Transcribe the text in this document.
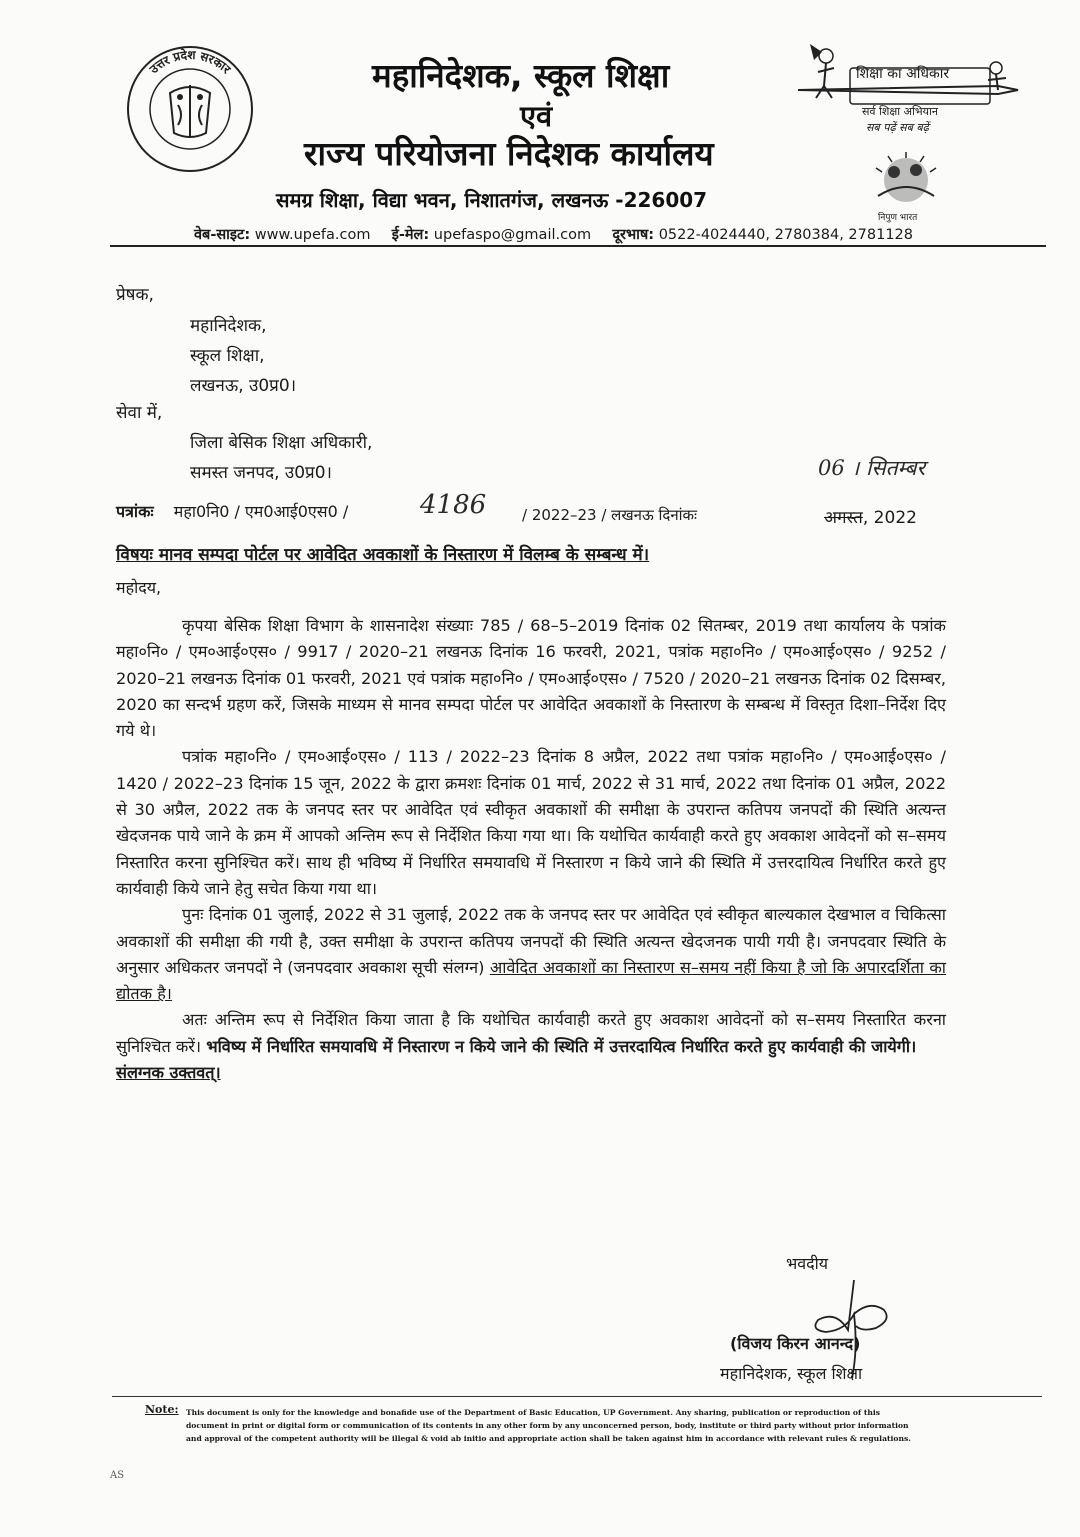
उत्तर प्रदेश सरकार	महानिदेशक, स्कूल शिक्षा
एवं
राज्य परियोजना निदेशक कार्यालय
समग्र शिक्षा, विद्या भवन, निशातगंज, लखनऊ -226007
वेब-साइट: www.upefa.com ई-मेल: upefaspo@gmail.com दूरभाष: 0522-4024440, 2780384, 2781128
शिक्षा का अधिकार
सर्व शिक्षा अभियान
सब पढ़ें सब बढ़ें
निपुण भारत
प्रेषक,
महानिदेशक,
स्कूल शिक्षा,
लखनऊ, उ0प्र0।
सेवा में,
जिला बेसिक शिक्षा अधिकारी,
समस्त जनपद, उ0प्र0।	06 । सितम्बर
पत्रांकः महा0नि0 / एम0आई0एस0 /	4186 / 2022–23 / लखनऊ दिनांकः	अगस्त, 2022
विषयः मानव सम्पदा पोर्टल पर आवेदित अवकाशों के निस्तारण में विलम्ब के सम्बन्ध में।
महोदय,

कृपया बेसिक शिक्षा विभाग के शासनादेश संख्याः 785 / 68–5–2019 दिनांक 02 सितम्बर, 2019 तथा कार्यालय के पत्रांक महा०नि० / एम०आई०एस० / 9917 / 2020–21 लखनऊ दिनांक 16 फरवरी, 2021, पत्रांक महा०नि० / एम०आई०एस० / 9252 / 2020–21 लखनऊ दिनांक 01 फरवरी, 2021 एवं पत्रांक महा०नि० / एम०आई०एस० / 7520 / 2020–21 लखनऊ दिनांक 02 दिसम्बर, 2020 का सन्दर्भ ग्रहण करें, जिसके माध्यम से मानव सम्पदा पोर्टल पर आवेदित अवकाशों के निस्तारण के सम्बन्ध में विस्तृत दिशा–निर्देश दिए गये थे।

पत्रांक महा०नि० / एम०आई०एस० / 113 / 2022–23 दिनांक 8 अप्रैल, 2022 तथा पत्रांक महा०नि० / एम०आई०एस० / 1420 / 2022–23 दिनांक 15 जून, 2022 के द्वारा क्रमशः दिनांक 01 मार्च, 2022 से 31 मार्च, 2022 तथा दिनांक 01 अप्रैल, 2022 से 30 अप्रैल, 2022 तक के जनपद स्तर पर आवेदित एवं स्वीकृत अवकाशों की समीक्षा के उपरान्त कतिपय जनपदों की स्थिति अत्यन्त खेदजनक पाये जाने के क्रम में आपको अन्तिम रूप से निर्देशित किया गया था। कि यथोचित कार्यवाही करते हुए अवकाश आवेदनों को स–समय निस्तारित करना सुनिश्चित करें। साथ ही भविष्य में निर्धारित समयावधि में निस्तारण न किये जाने की स्थिति में उत्तरदायित्व निर्धारित करते हुए कार्यवाही किये जाने हेतु सचेत किया गया था।

पुनः दिनांक 01 जुलाई, 2022 से 31 जुलाई, 2022 तक के जनपद स्तर पर आवेदित एवं स्वीकृत बाल्यकाल देखभाल व चिकित्सा अवकाशों की समीक्षा की गयी है, उक्त समीक्षा के उपरान्त कतिपय जनपदों की स्थिति अत्यन्त खेदजनक पायी गयी है। जनपदवार स्थिति के अनुसार अधिकतर जनपदों ने (जनपदवार अवकाश सूची संलग्न) आवेदित अवकाशों का निस्तारण स–समय नहीं किया है जो कि अपारदर्शिता का द्योतक है।

अतः अन्तिम रूप से निर्देशित किया जाता है कि यथोचित कार्यवाही करते हुए अवकाश आवेदनों को स–समय निस्तारित करना सुनिश्चित करें। भविष्य में निर्धारित समयावधि में निस्तारण न किये जाने की स्थिति में उत्तरदायित्व निर्धारित करते हुए कार्यवाही की जायेगी।

संलग्नक उक्तवत्।
भवदीय
(विजय किरन आनन्द)
महानिदेशक, स्कूल शिक्षा
Note: This document is only for the knowledge and bonafide use of the Department of Basic Education, UP Government. Any sharing, publication or reproduction of this document in print or digital form or communication of its contents in any other form by any unconcerned person, body, institute or third party without prior information and approval of the competent authority will be illegal & void ab initio and appropriate action shall be taken against him in accordance with relevant rules & regulations.
AS
